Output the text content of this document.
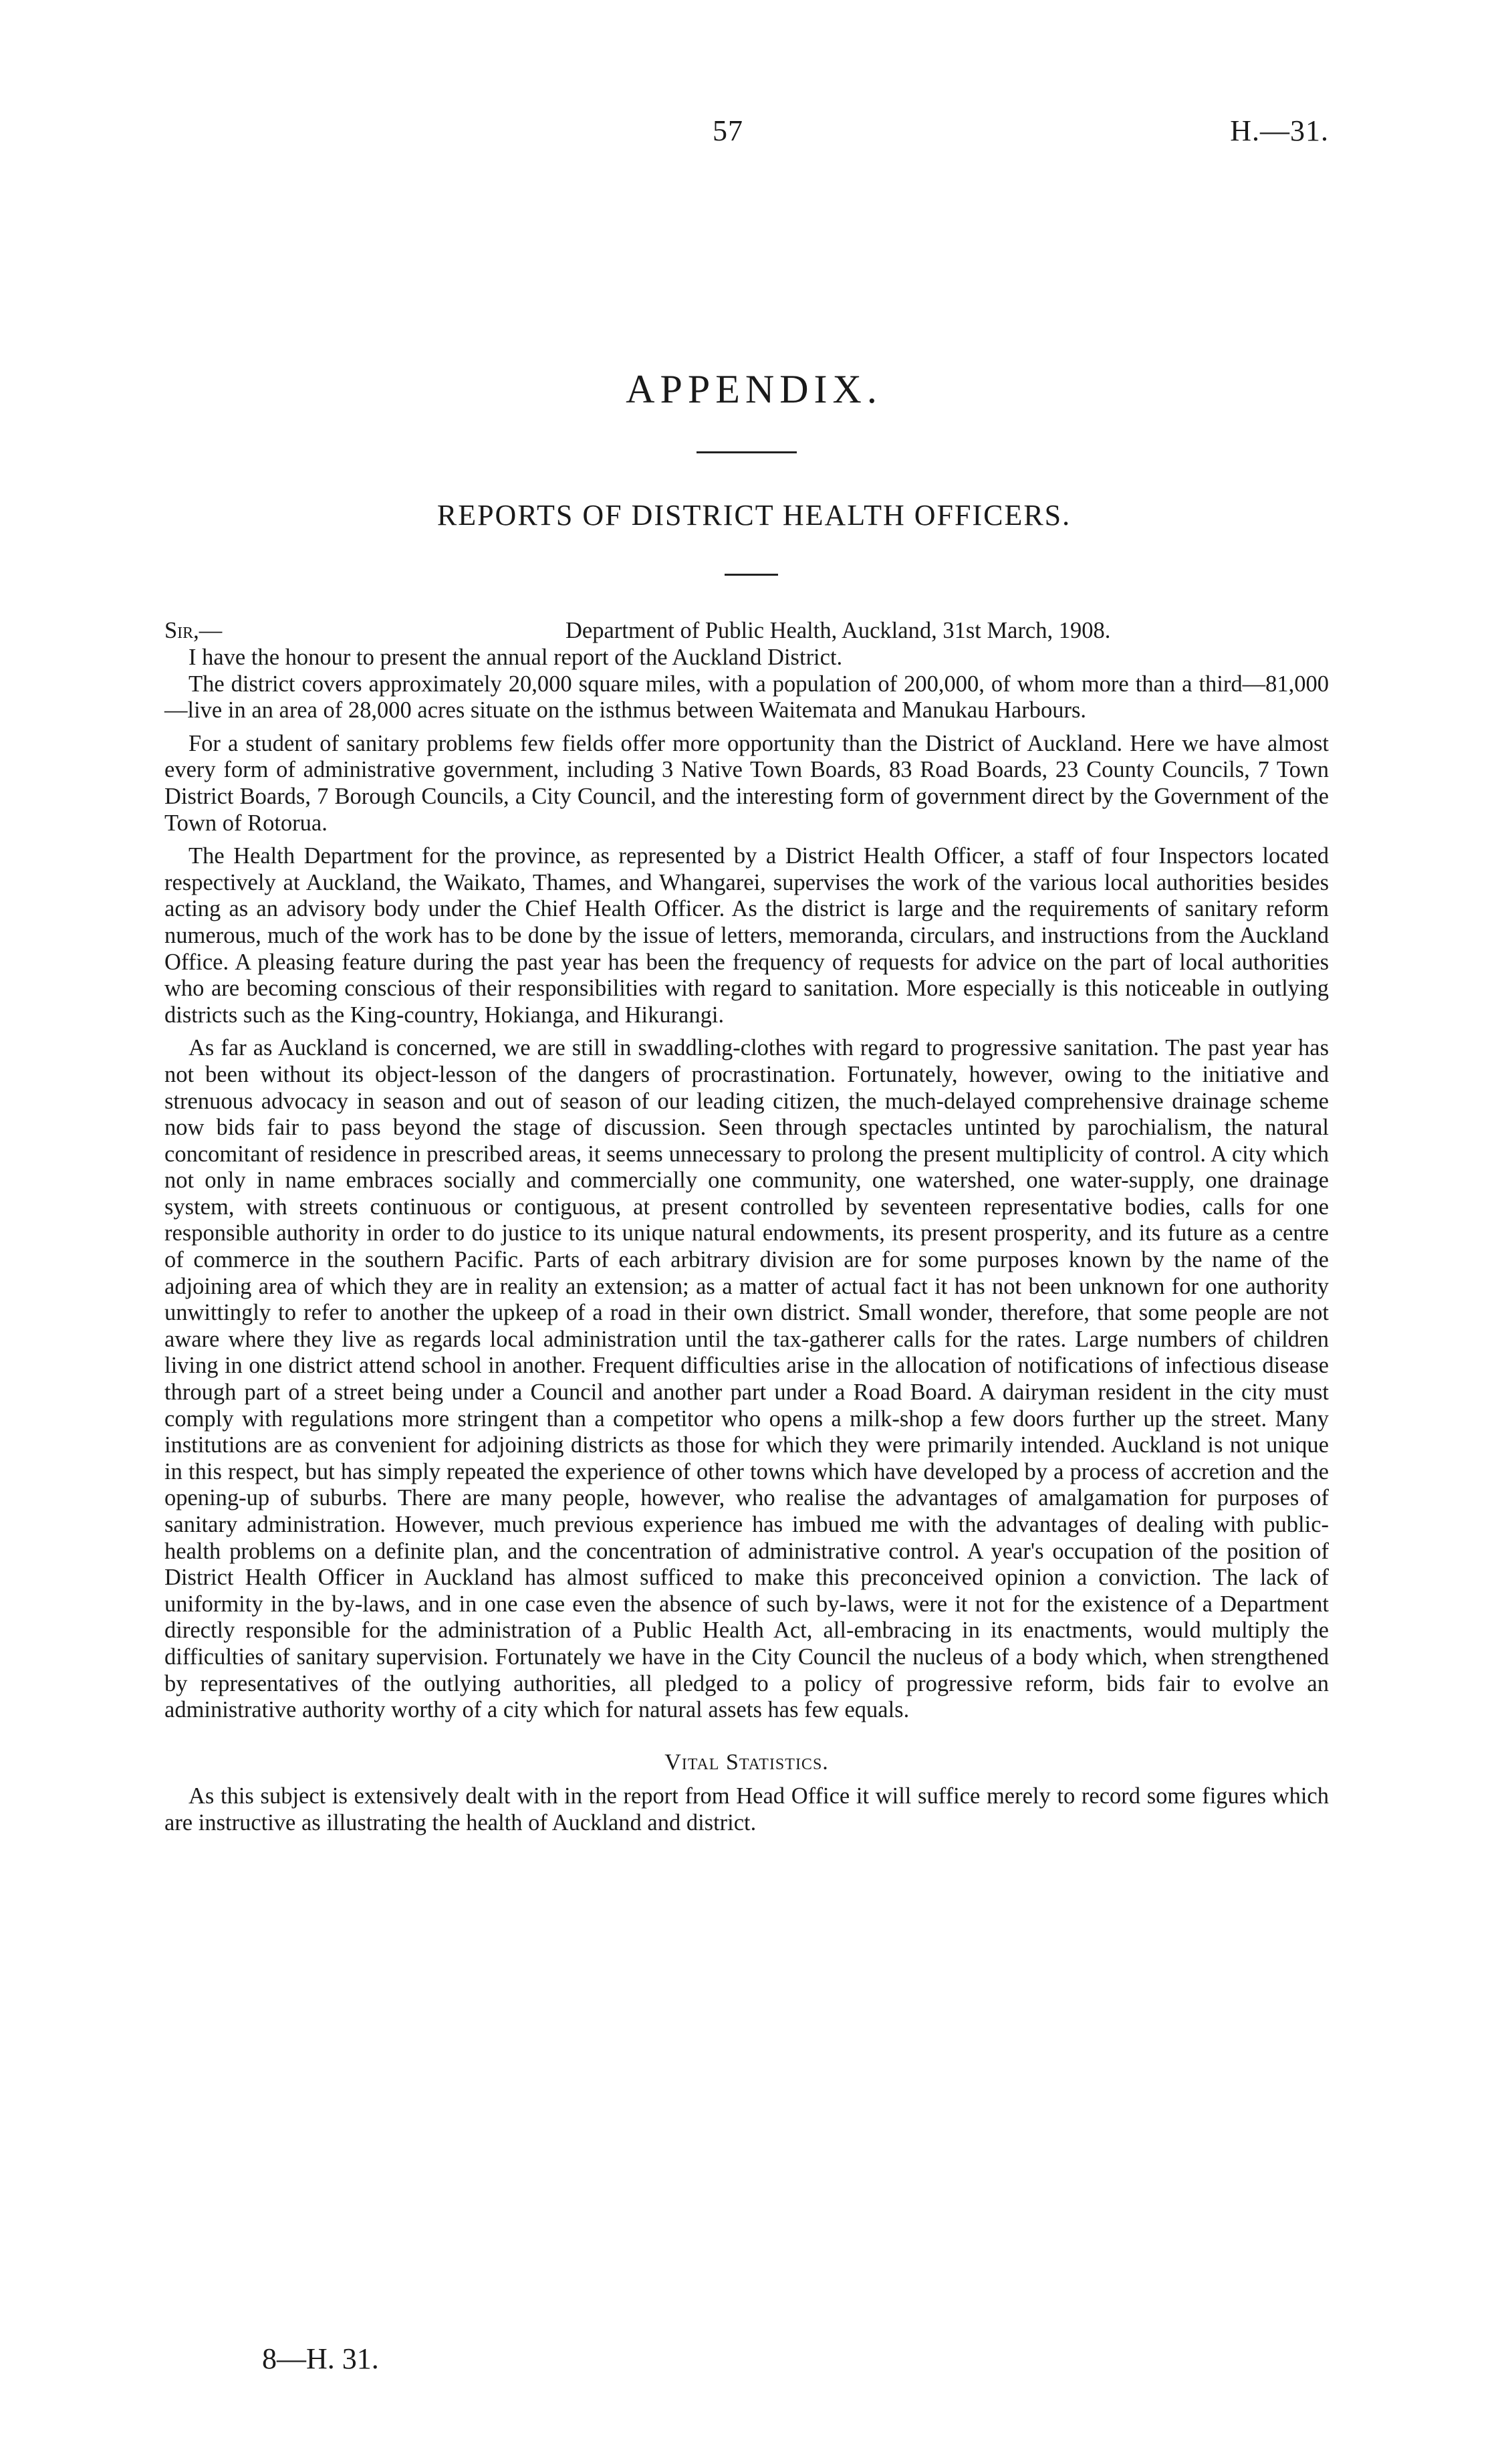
57	H.—31.
APPENDIX.
REPORTS OF DISTRICT HEALTH OFFICERS.
Sir,—	Department of Public Health, Auckland, 31st March, 1908.

I have the honour to present the annual report of the Auckland District.

The district covers approximately 20,000 square miles, with a population of 200,000, of whom more than a third—81,000—live in an area of 28,000 acres situate on the isthmus between Waitemata and Manukau Harbours.

For a student of sanitary problems few fields offer more opportunity than the District of Auckland. Here we have almost every form of administrative government, including 3 Native Town Boards, 83 Road Boards, 23 County Councils, 7 Town District Boards, 7 Borough Councils, a City Council, and the interesting form of government direct by the Government of the Town of Rotorua.

The Health Department for the province, as represented by a District Health Officer, a staff of four Inspectors located respectively at Auckland, the Waikato, Thames, and Whangarei, supervises the work of the various local authorities besides acting as an advisory body under the Chief Health Officer. As the district is large and the requirements of sanitary reform numerous, much of the work has to be done by the issue of letters, memoranda, circulars, and instructions from the Auckland Office. A pleasing feature during the past year has been the frequency of requests for advice on the part of local authorities who are becoming conscious of their responsibilities with regard to sanitation. More especially is this noticeable in outlying districts such as the King-country, Hokianga, and Hikurangi.

As far as Auckland is concerned, we are still in swaddling-clothes with regard to progressive sanitation. The past year has not been without its object-lesson of the dangers of procrastination. Fortunately, however, owing to the initiative and strenuous advocacy in season and out of season of our leading citizen, the much-delayed comprehensive drainage scheme now bids fair to pass beyond the stage of discussion. Seen through spectacles untinted by parochialism, the natural concomitant of residence in prescribed areas, it seems unnecessary to prolong the present multiplicity of control. A city which not only in name embraces socially and commercially one community, one watershed, one water-supply, one drainage system, with streets continuous or contiguous, at present controlled by seventeen representative bodies, calls for one responsible authority in order to do justice to its unique natural endowments, its present prosperity, and its future as a centre of commerce in the southern Pacific. Parts of each arbitrary division are for some purposes known by the name of the adjoining area of which they are in reality an extension; as a matter of actual fact it has not been unknown for one authority unwittingly to refer to another the upkeep of a road in their own district. Small wonder, therefore, that some people are not aware where they live as regards local administration until the tax-gatherer calls for the rates. Large numbers of children living in one district attend school in another. Frequent difficulties arise in the allocation of notifications of infectious disease through part of a street being under a Council and another part under a Road Board. A dairyman resident in the city must comply with regulations more stringent than a competitor who opens a milk-shop a few doors further up the street. Many institutions are as convenient for adjoining districts as those for which they were primarily intended. Auckland is not unique in this respect, but has simply repeated the experience of other towns which have developed by a process of accretion and the opening-up of suburbs. There are many people, however, who realise the advantages of amalgamation for purposes of sanitary administration. However, much previous experience has imbued me with the advantages of dealing with public-health problems on a definite plan, and the concentration of administrative control. A year's occupation of the position of District Health Officer in Auckland has almost sufficed to make this preconceived opinion a conviction. The lack of uniformity in the by-laws, and in one case even the absence of such by-laws, were it not for the existence of a Department directly responsible for the administration of a Public Health Act, all-embracing in its enactments, would multiply the difficulties of sanitary supervision. Fortunately we have in the City Council the nucleus of a body which, when strengthened by representatives of the outlying authorities, all pledged to a policy of progressive reform, bids fair to evolve an administrative authority worthy of a city which for natural assets has few equals.

Vital Statistics.

As this subject is extensively dealt with in the report from Head Office it will suffice merely to record some figures which are instructive as illustrating the health of Auckland and district.

8—H. 31.
